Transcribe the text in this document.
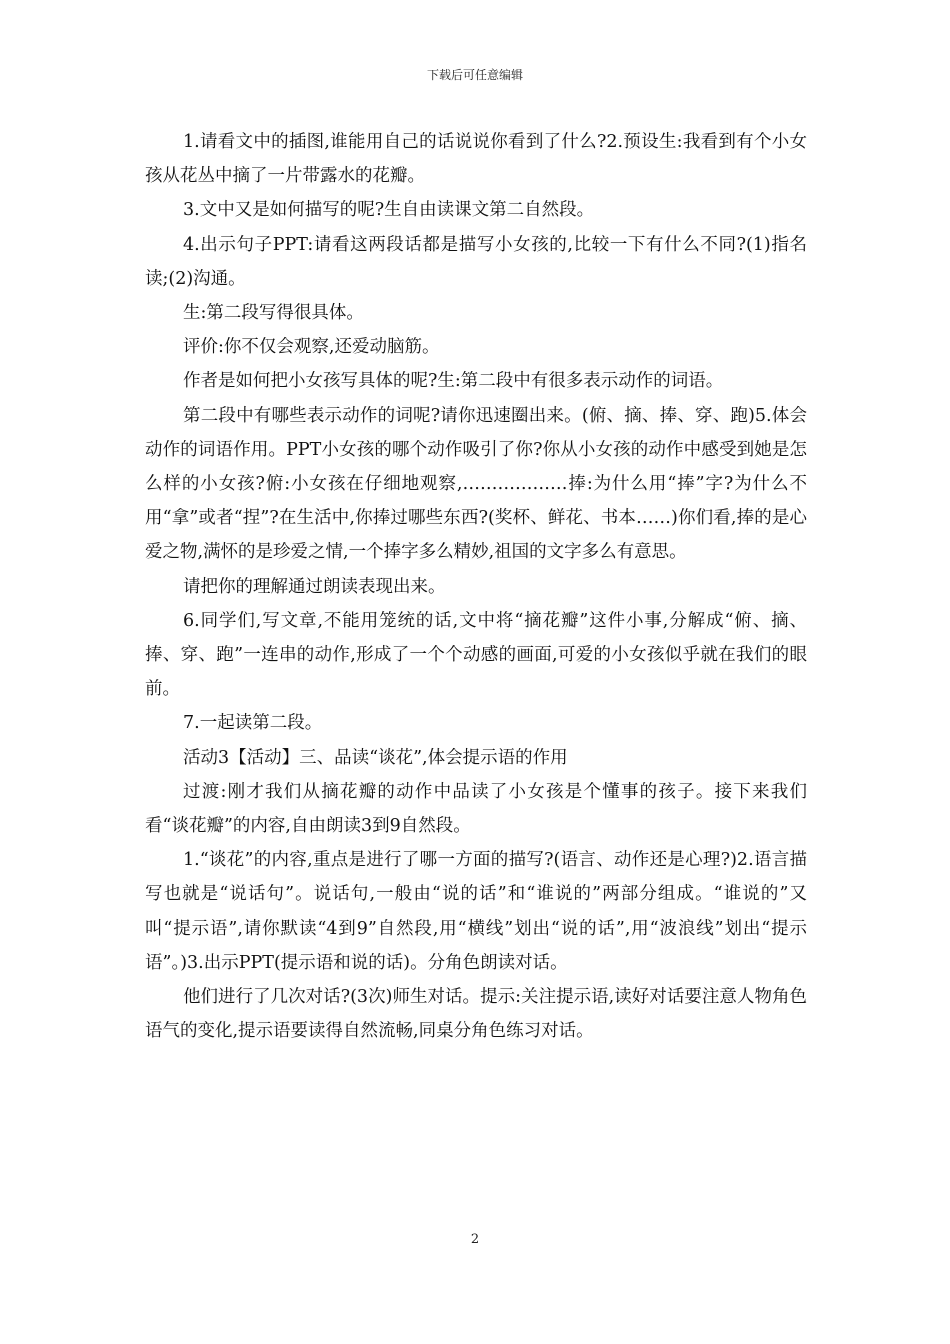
下载后可任意编辑

1.请看文中的插图,谁能用自己的话说说你看到了什么?2.预设生:我看到有个小女孩从花丛中摘了一片带露水的花瓣。

3.文中又是如何描写的呢?生自由读课文第二自然段。

4.出示句子PPT:请看这两段话都是描写小女孩的,比较一下有什么不同?(1)指名读;(2)沟通。

生:第二段写得很具体。

评价:你不仅会观察,还爱动脑筋。

作者是如何把小女孩写具体的呢?生:第二段中有很多表示动作的词语。

第二段中有哪些表示动作的词呢?请你迅速圈出来。(俯、摘、捧、穿、跑)5.体会动作的词语作用。PPT小女孩的哪个动作吸引了你?你从小女孩的动作中感受到她是怎么样的小女孩?俯:小女孩在仔细地观察,………………捧:为什么用“捧”字?为什么不用“拿”或者“捏”?在生活中,你捧过哪些东西?(奖杯、鲜花、书本……)你们看,捧的是心爱之物,满怀的是珍爱之情,一个捧字多么精妙,祖国的文字多么有意思。

请把你的理解通过朗读表现出来。

6.同学们,写文章,不能用笼统的话,文中将“摘花瓣”这件小事,分解成“俯、摘、捧、穿、跑”一连串的动作,形成了一个个动感的画面,可爱的小女孩似乎就在我们的眼前。

7.一起读第二段。

活动3【活动】三、品读“谈花”,体会提示语的作用

过渡:刚才我们从摘花瓣的动作中品读了小女孩是个懂事的孩子。接下来我们看“谈花瓣”的内容,自由朗读3到9自然段。

1.“谈花”的内容,重点是进行了哪一方面的描写?(语言、动作还是心理?)2.语言描写也就是“说话句”。说话句,一般由“说的话”和“谁说的”两部分组成。“谁说的”又叫“提示语”,请你默读“4到9”自然段,用“横线”划出“说的话”,用“波浪线”划出“提示语”。)3.出示PPT(提示语和说的话)。分角色朗读对话。

他们进行了几次对话?(3次)师生对话。提示:关注提示语,读好对话要注意人物角色语气的变化,提示语要读得自然流畅,同桌分角色练习对话。

2
